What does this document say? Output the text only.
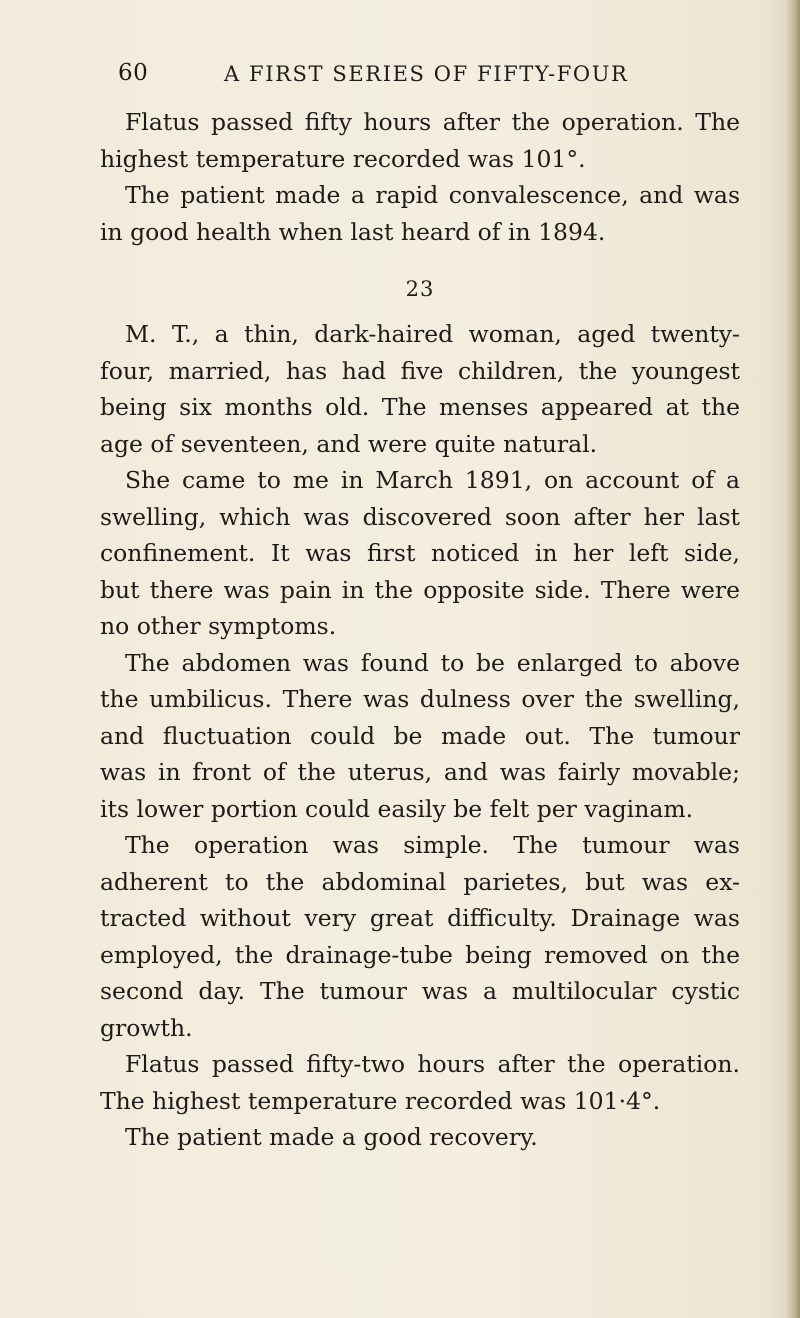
60	A FIRST SERIES OF FIFTY-FOUR
Flatus passed fifty hours after the operation. The
highest temperature recorded was 101°.
The patient made a rapid convalescence, and was
in good health when last heard of in 1894.
23
M. T., a thin, dark-haired woman, aged twenty-
four, married, has had five children, the youngest
being six months old. The menses appeared at the
age of seventeen, and were quite natural.
She came to me in March 1891, on account of a
swelling, which was discovered soon after her last
confinement. It was first noticed in her left side,
but there was pain in the opposite side. There were
no other symptoms.
The abdomen was found to be enlarged to above
the umbilicus. There was dulness over the swelling,
and fluctuation could be made out. The tumour
was in front of the uterus, and was fairly movable;
its lower portion could easily be felt per vaginam.
The operation was simple. The tumour was
adherent to the abdominal parietes, but was ex-
tracted without very great difficulty. Drainage was
employed, the drainage-tube being removed on the
second day. The tumour was a multilocular cystic
growth.
Flatus passed fifty-two hours after the operation.
The highest temperature recorded was 101·4°.
The patient made a good recovery.
